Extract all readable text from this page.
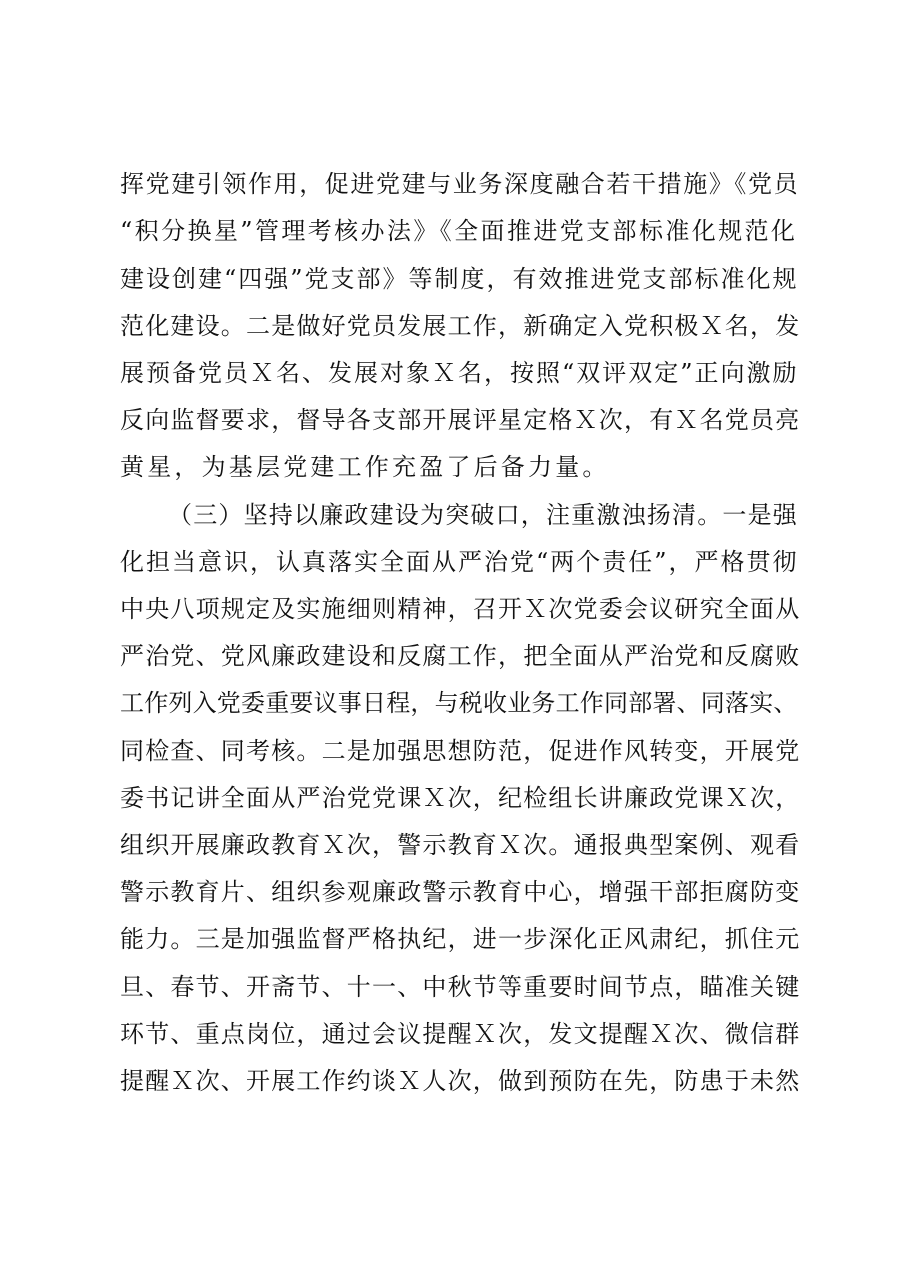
挥党建引领作用，促进党建与业务深度融合若干措施》《党员
“积分换星”管理考核办法》《全面推进党支部标准化规范化
建设创建“四强”党支部》等制度，有效推进党支部标准化规
范化建设。二是做好党员发展工作，新确定入党积极Ｘ名，发
展预备党员Ｘ名、发展对象Ｘ名，按照“双评双定”正向激励
反向监督要求，督导各支部开展评星定格Ｘ次，有Ｘ名党员亮
黄星，为基层党建工作充盈了后备力量。
（三）坚持以廉政建设为突破口，注重激浊扬清。一是强
化担当意识，认真落实全面从严治党“两个责任”，严格贯彻
中央八项规定及实施细则精神，召开Ｘ次党委会议研究全面从
严治党、党风廉政建设和反腐工作，把全面从严治党和反腐败
工作列入党委重要议事日程，与税收业务工作同部署、同落实、
同检查、同考核。二是加强思想防范，促进作风转变，开展党
委书记讲全面从严治党党课Ｘ次，纪检组长讲廉政党课Ｘ次，
组织开展廉政教育Ｘ次，警示教育Ｘ次。通报典型案例、观看
警示教育片、组织参观廉政警示教育中心，增强干部拒腐防变
能力。三是加强监督严格执纪，进一步深化正风肃纪，抓住元
旦、春节、开斋节、十一、中秋节等重要时间节点，瞄准关键
环节、重点岗位，通过会议提醒Ｘ次，发文提醒Ｘ次、微信群
提醒Ｘ次、开展工作约谈Ｘ人次，做到预防在先，防患于未然
